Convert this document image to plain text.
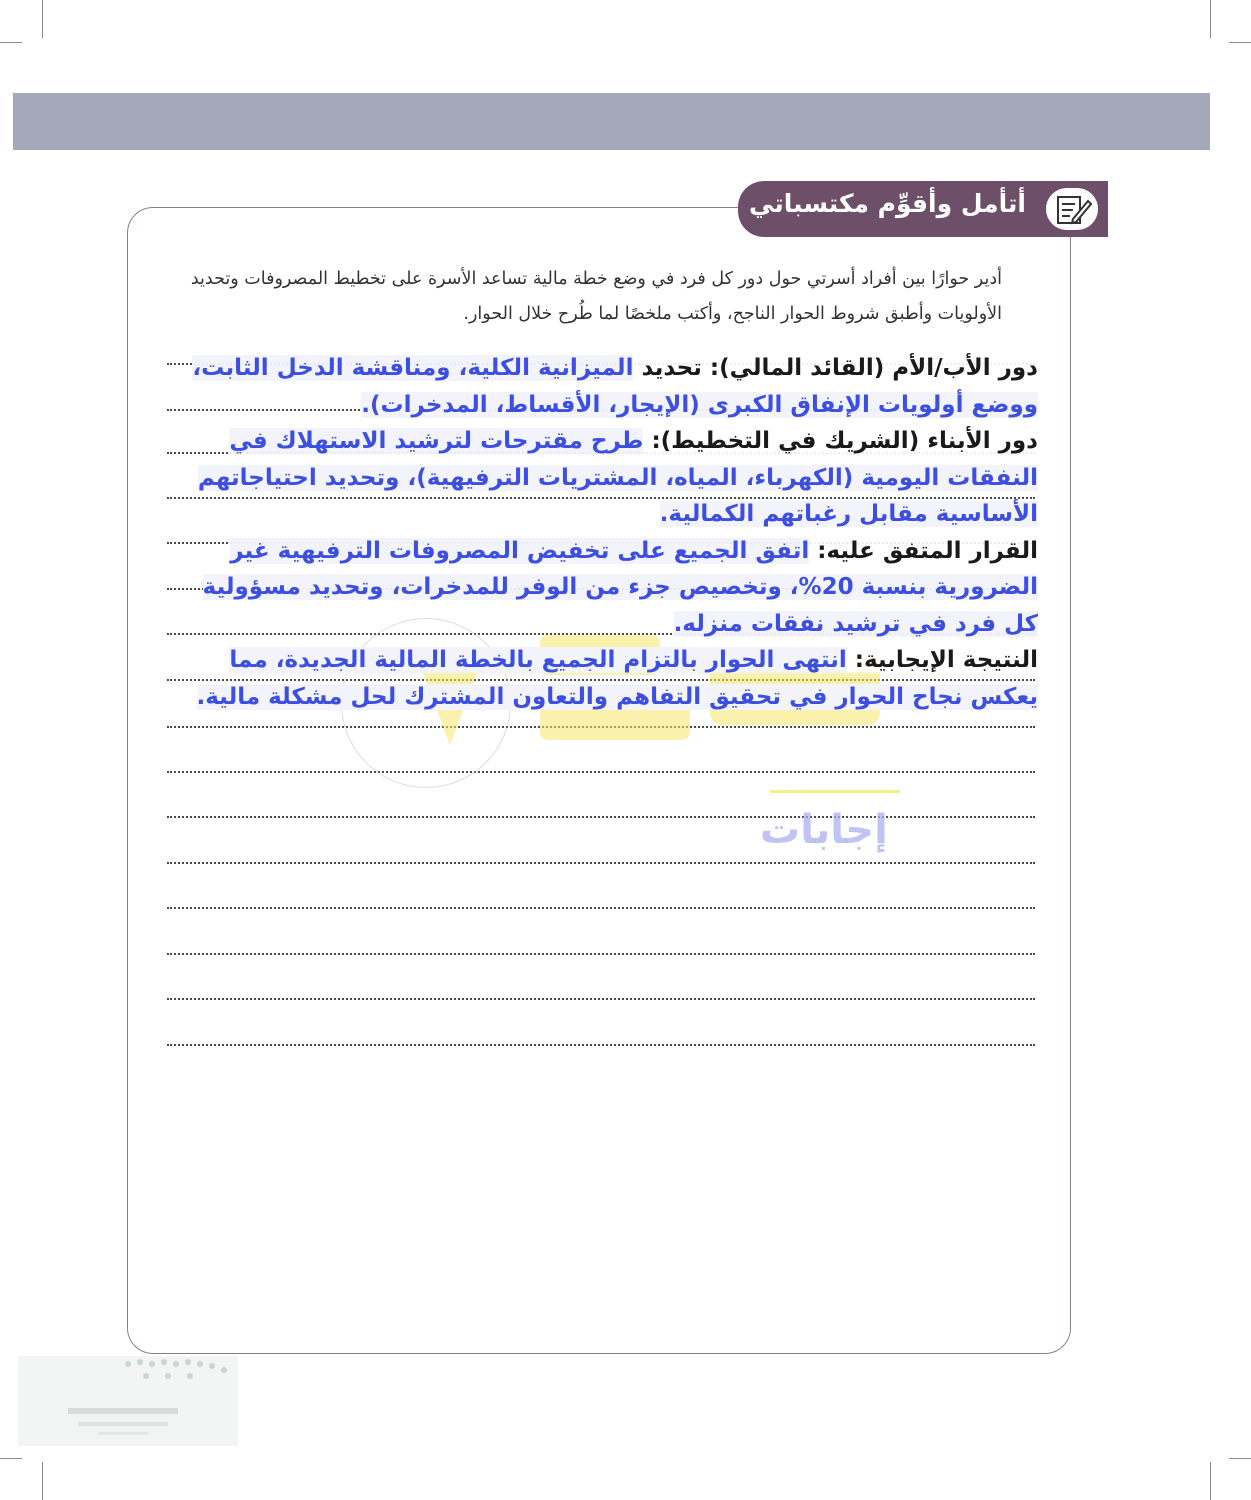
أتأمل وأقوِّم مكتسباتي
أدير حوارًا بين أفراد أسرتي حول دور كل فرد في وضع خطة مالية تساعد الأسرة على تخطيط المصروفات وتحديد الأولويات وأطبق شروط الحوار الناجح، وأكتب ملخصًا لما طُرح خلال الحوار.
إجابات

دور الأب/الأم (القائد المالي): تحديد الميزانية الكلية، ومناقشة الدخل الثابت، ووضع أولويات الإنفاق الكبرى (الإيجار، الأقساط، المدخرات).

دور الأبناء (الشريك في التخطيط): طرح مقترحات لترشيد الاستهلاك في النفقات اليومية (الكهرباء، المياه، المشتريات الترفيهية)، وتحديد احتياجاتهم الأساسية مقابل رغباتهم الكمالية.

القرار المتفق عليه: اتفق الجميع على تخفيض المصروفات الترفيهية غير الضرورية بنسبة 20%، وتخصيص جزء من الوفر للمدخرات، وتحديد مسؤولية كل فرد في ترشيد نفقات منزله.

النتيجة الإيجابية: انتهى الحوار بالتزام الجميع بالخطة المالية الجديدة، مما يعكس نجاح الحوار في تحقيق التفاهم والتعاون المشترك لحل مشكلة مالية.
